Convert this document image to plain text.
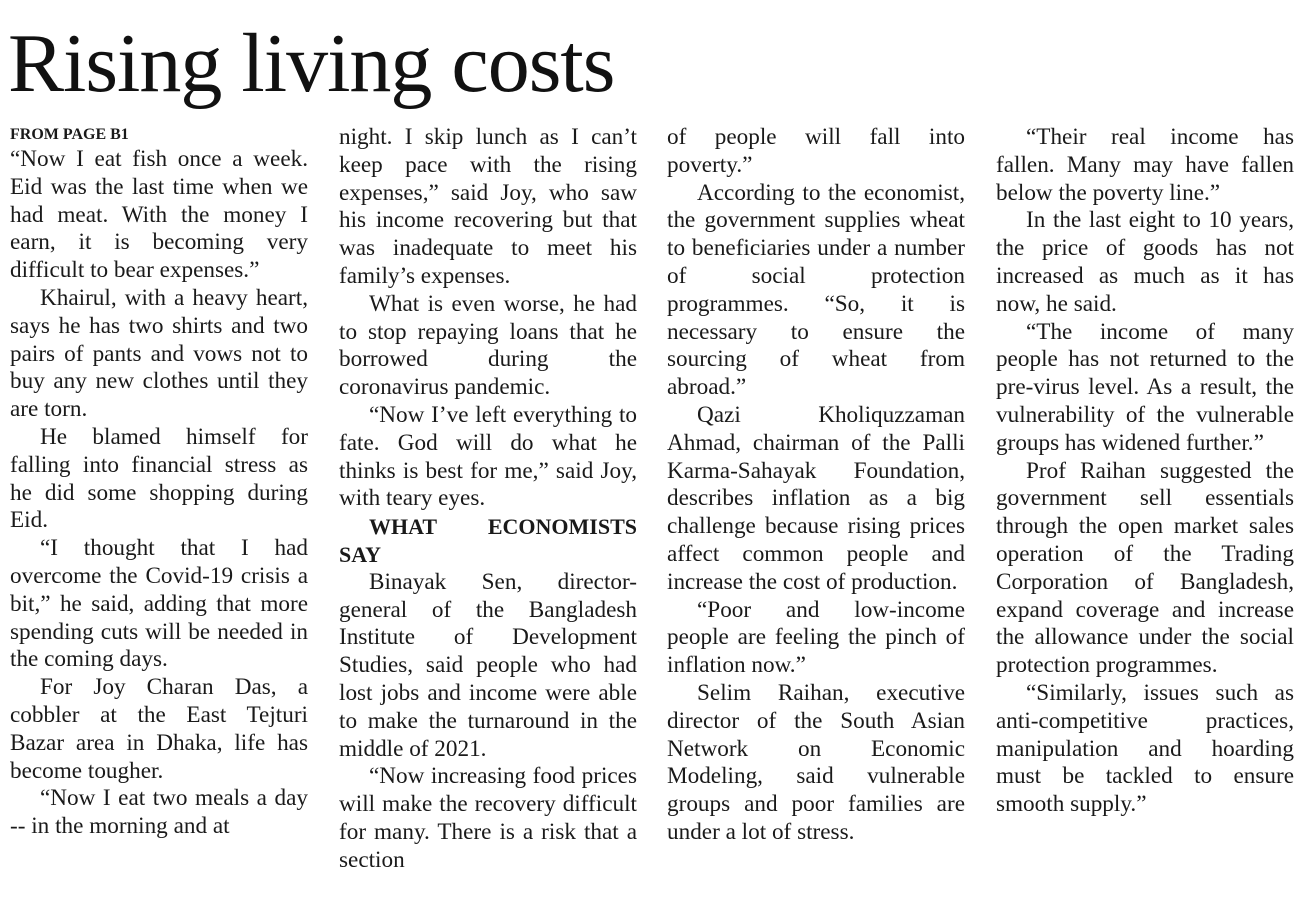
Rising living costs
FROM PAGE B1

“Now I eat fish once a week. Eid was the last time when we had meat. With the money I earn, it is becoming very difficult to bear expenses.”

Khairul, with a heavy heart, says he has two shirts and two pairs of pants and vows not to buy any new clothes until they are torn.

He blamed himself for falling into financial stress as he did some shopping during Eid.

“I thought that I had overcome the Covid-19 crisis a bit,” he said, adding that more spending cuts will be needed in the coming days.

For Joy Charan Das, a cobbler at the East Tejturi Bazar area in Dhaka, life has become tougher.

“Now I eat two meals a day -- in the morning and at

night. I skip lunch as I can’t keep pace with the rising expenses,” said Joy, who saw his income recovering but that was inadequate to meet his family’s expenses.

What is even worse, he had to stop repaying loans that he borrowed during the coronavirus pandemic.

“Now I’ve left everything to fate. God will do what he thinks is best for me,” said Joy, with teary eyes.

WHAT ECONOMISTS SAY

Binayak Sen, director-general of the Bangladesh Institute of Development Studies, said people who had lost jobs and income were able to make the turnaround in the middle of 2021.

“Now increasing food prices will make the recovery difficult for many. There is a risk that a section

of people will fall into poverty.”

According to the economist, the government supplies wheat to beneficiaries under a number of social protection programmes. “So, it is necessary to ensure the sourcing of wheat from abroad.”

Qazi Kholiquzzaman Ahmad, chairman of the Palli Karma-Sahayak Foundation, describes inflation as a big challenge because rising prices affect common people and increase the cost of production.

“Poor and low-income people are feeling the pinch of inflation now.”

Selim Raihan, executive director of the South Asian Network on Economic Modeling, said vulnerable groups and poor families are under a lot of stress.

“Their real income has fallen. Many may have fallen below the poverty line.”

In the last eight to 10 years, the price of goods has not increased as much as it has now, he said.

“The income of many people has not returned to the pre-virus level. As a result, the vulnerability of the vulnerable groups has widened further.”

Prof Raihan suggested the government sell essentials through the open market sales operation of the Trading Corporation of Bangladesh, expand coverage and increase the allowance under the social protection programmes.

“Similarly, issues such as anti-competitive practices, manipulation and hoarding must be tackled to ensure smooth supply.”
